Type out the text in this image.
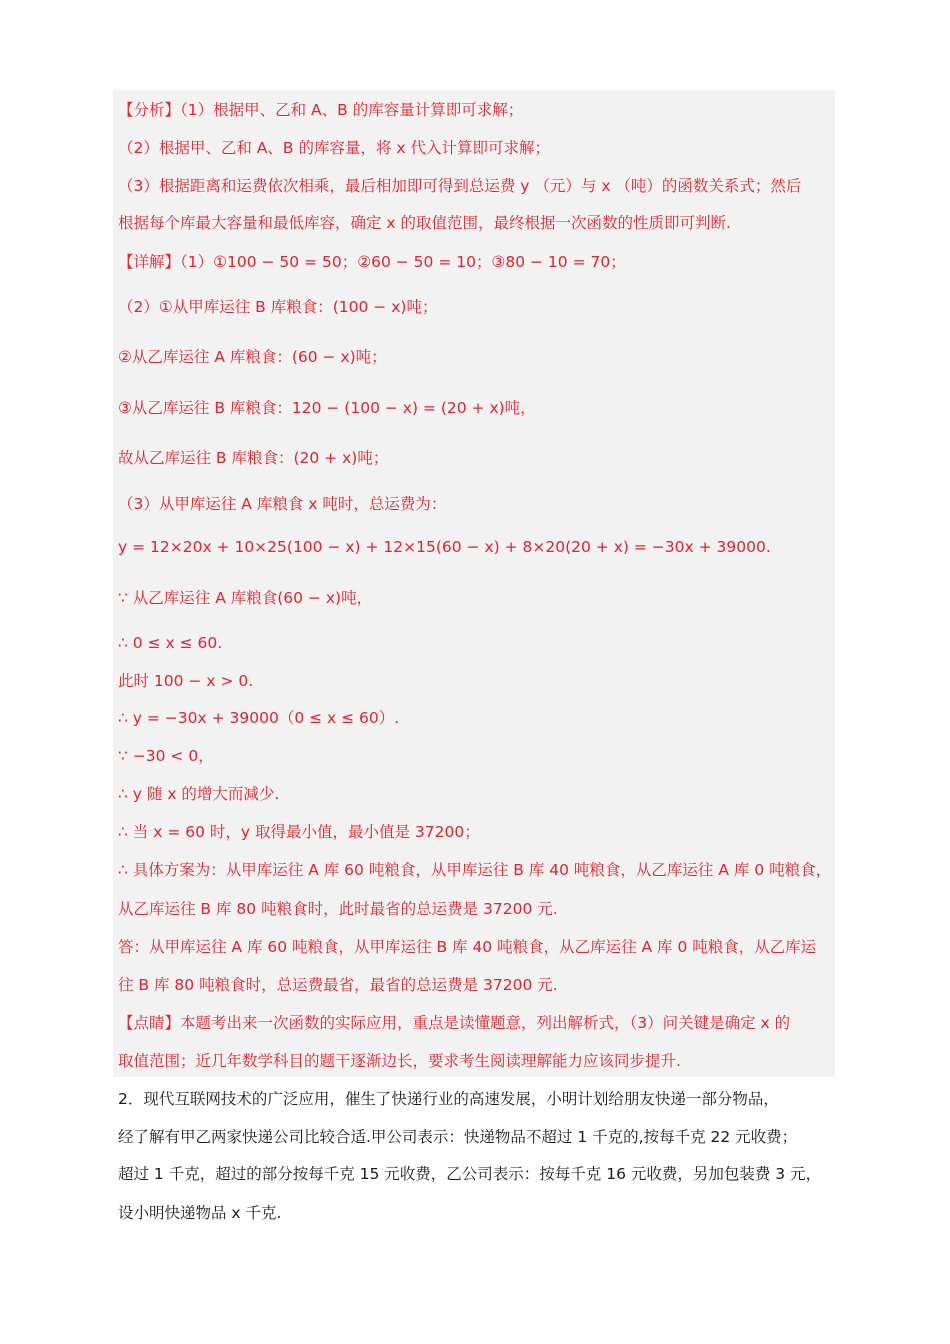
【分析】（1）根据甲、乙和 A、B 的库容量计算即可求解；
（2）根据甲、乙和 A、B 的库容量，将 x 代入计算即可求解；
（3）根据距离和运费依次相乘，最后相加即可得到总运费 y （元）与 x （吨）的函数关系式；然后
根据每个库最大容量和最低库容，确定 x 的取值范围，最终根据一次函数的性质即可判断.
【详解】（1）①100 − 50 = 50；②60 − 50 = 10；③80 − 10 = 70；
（2）①从甲库运往 B 库粮食：(100 − x)吨；
②从乙库运往 A 库粮食：(60 − x)吨；
③从乙库运往 B 库粮食：120 − (100 − x) = (20 + x)吨，
故从乙库运往 B 库粮食：(20 + x)吨；
（3）从甲库运往 A 库粮食 x 吨时，总运费为：
y = 12×20x + 10×25(100 − x) + 12×15(60 − x) + 8×20(20 + x) = −30x + 39000.
∵ 从乙库运往 A 库粮食(60 − x)吨，
∴ 0 ≤ x ≤ 60.
此时 100 − x > 0.
∴ y = −30x + 39000（0 ≤ x ≤ 60）.
∵ −30 < 0，
∴ y 随 x 的增大而减少.
∴ 当 x = 60 时，y 取得最小值，最小值是 37200；
∴ 具体方案为：从甲库运往 A 库 60 吨粮食，从甲库运往 B 库 40 吨粮食，从乙库运往 A 库 0 吨粮食，
从乙库运往 B 库 80 吨粮食时，此时最省的总运费是 37200 元.
答：从甲库运往 A 库 60 吨粮食，从甲库运往 B 库 40 吨粮食，从乙库运往 A 库 0 吨粮食，从乙库运
往 B 库 80 吨粮食时，总运费最省，最省的总运费是 37200 元.
【点睛】本题考出来一次函数的实际应用，重点是读懂题意，列出解析式，（3）问关键是确定 x 的
取值范围；近几年数学科目的题干逐渐边长，要求考生阅读理解能力应该同步提升.
2．现代互联网技术的广泛应用，催生了快递行业的高速发展，小明计划给朋友快递一部分物品，
经了解有甲乙两家快递公司比较合适.甲公司表示：快递物品不超过 1 千克的,按每千克 22 元收费；
超过 1 千克，超过的部分按每千克 15 元收费，乙公司表示：按每千克 16 元收费，另加包装费 3 元，
设小明快递物品 x 千克.
